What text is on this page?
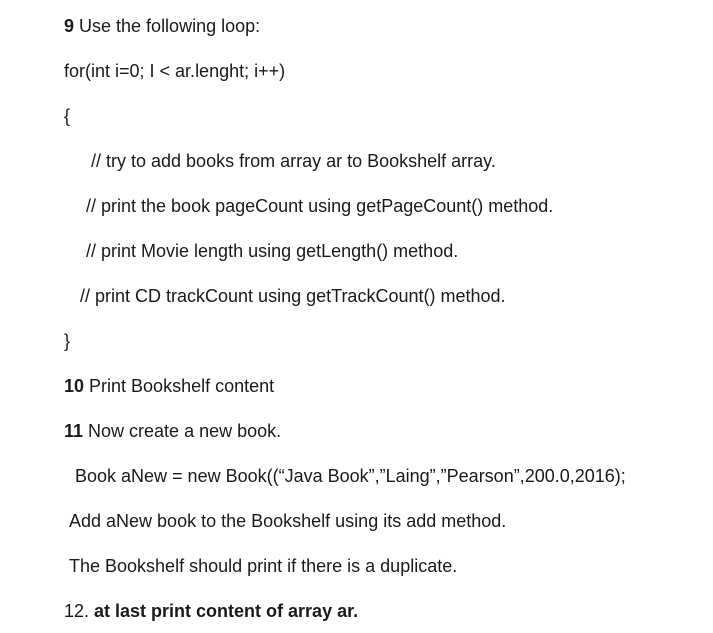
9 Use the following loop:
for(int i=0; I < ar.lenght; i++)
{
// try to add books from array ar to Bookshelf array.
// print the book pageCount using getPageCount() method.
// print Movie length using getLength() method.
// print CD trackCount using getTrackCount() method.
}
10 Print Bookshelf content
11 Now create a new book.
Book aNew = new Book((“Java Book”,”Laing”,”Pearson”,200.0,2016);
Add aNew book to the Bookshelf using its add method.
The Bookshelf should print if there is a duplicate.
12. at last print content of array ar.
